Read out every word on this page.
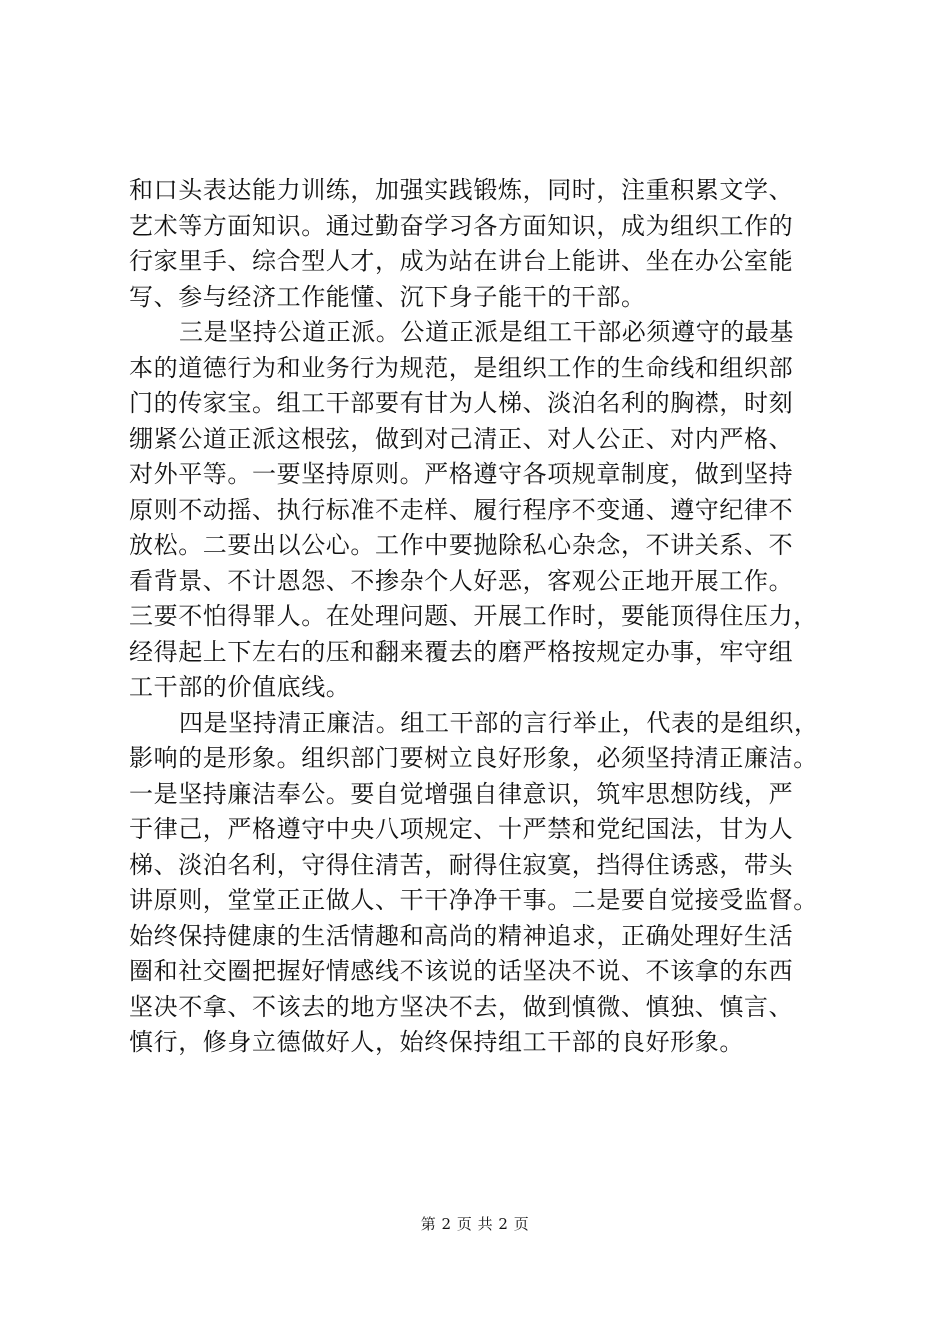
和口头表达能力训练，加强实践锻炼，同时，注重积累文学、
艺术等方面知识。通过勤奋学习各方面知识，成为组织工作的
行家里手、综合型人才，成为站在讲台上能讲、坐在办公室能
写、参与经济工作能懂、沉下身子能干的干部。
三是坚持公道正派。公道正派是组工干部必须遵守的最基
本的道德行为和业务行为规范，是组织工作的生命线和组织部
门的传家宝。组工干部要有甘为人梯、淡泊名利的胸襟，时刻
绷紧公道正派这根弦，做到对己清正、对人公正、对内严格、
对外平等。一要坚持原则。严格遵守各项规章制度，做到坚持
原则不动摇、执行标准不走样、履行程序不变通、遵守纪律不
放松。二要出以公心。工作中要抛除私心杂念，不讲关系、不
看背景、不计恩怨、不掺杂个人好恶，客观公正地开展工作。
三要不怕得罪人。在处理问题、开展工作时，要能顶得住压力，
经得起上下左右的压和翻来覆去的磨严格按规定办事，牢守组
工干部的价值底线。
四是坚持清正廉洁。组工干部的言行举止，代表的是组织，
影响的是形象。组织部门要树立良好形象，必须坚持清正廉洁。
一是坚持廉洁奉公。要自觉增强自律意识，筑牢思想防线，严
于律己，严格遵守中央八项规定、十严禁和党纪国法，甘为人
梯、淡泊名利，守得住清苦，耐得住寂寞，挡得住诱惑，带头
讲原则，堂堂正正做人、干干净净干事。二是要自觉接受监督。
始终保持健康的生活情趣和高尚的精神追求，正确处理好生活
圈和社交圈把握好情感线不该说的话坚决不说、不该拿的东西
坚决不拿、不该去的地方坚决不去，做到慎微、慎独、慎言、
慎行，修身立德做好人，始终保持组工干部的良好形象。
第 2 页 共 2 页
